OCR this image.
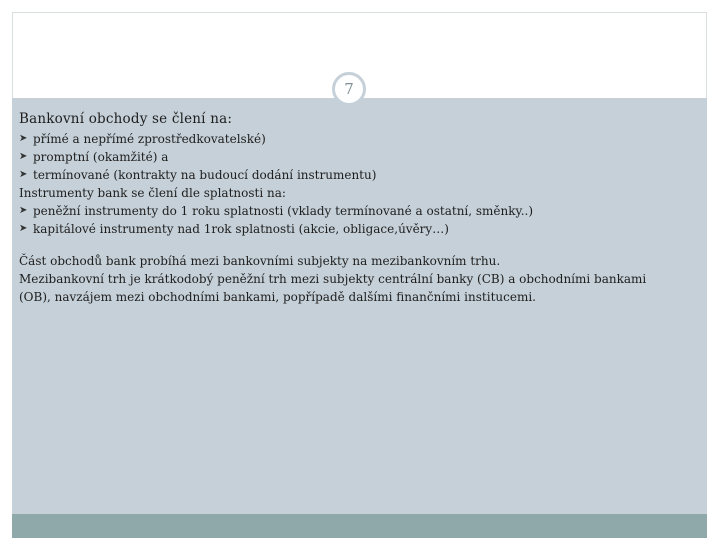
7
Bankovní obchody se člení na:
➤ přímé a nepřímé zprostředkovatelské)
➤ promptní (okamžité) a
➤ termínované (kontrakty na budoucí dodání instrumentu)
Instrumenty bank se člení dle splatnosti na:
➤ peněžní instrumenty do 1 roku splatnosti (vklady termínované a ostatní, směnky..)
➤ kapitálové instrumenty nad 1rok splatnosti (akcie, obligace,úvěry…)
Část obchodů bank probíhá mezi bankovními subjekty na mezibankovním trhu.
Mezibankovní trh je krátkodobý peněžní trh mezi subjekty centrální banky (CB) a obchodními bankami
(OB), navzájem mezi obchodními bankami, popřípadě dalšími finančními institucemi.
